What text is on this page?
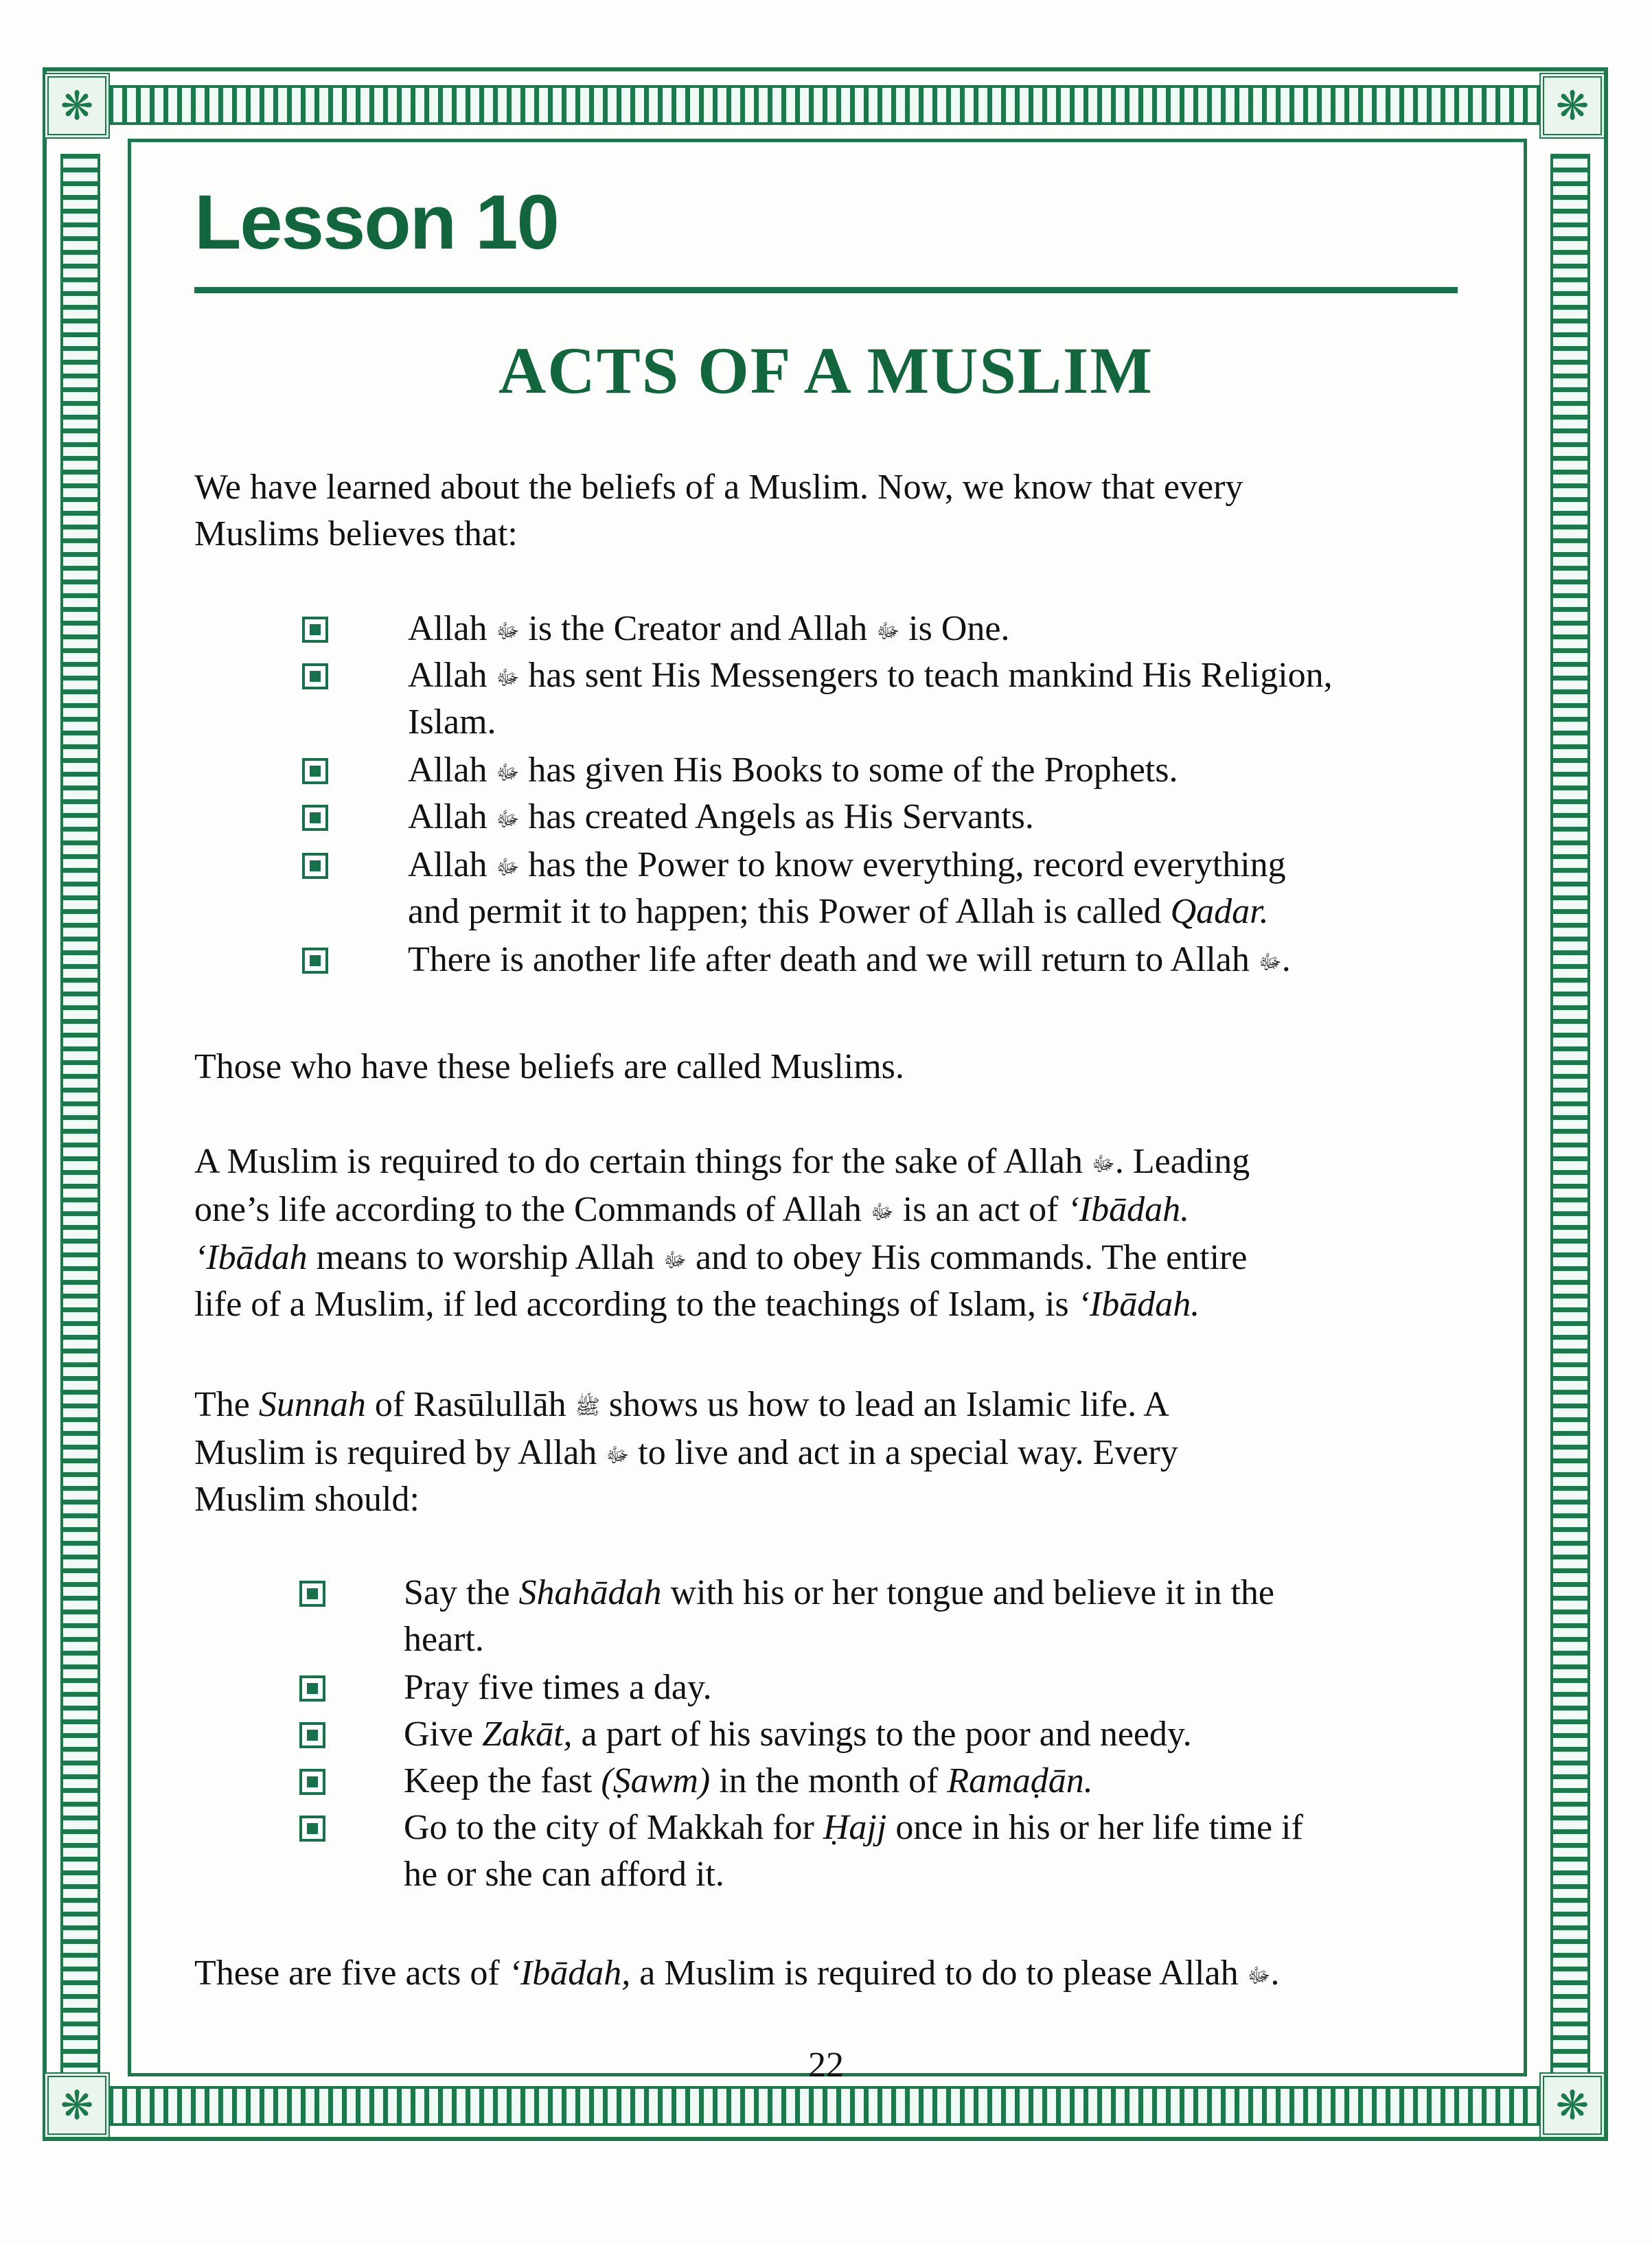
❋	❋
❋	❋
Lesson 10
ACTS OF A MUSLIM
We have learned about the beliefs of a Muslim. Now, we know that every
Muslims believes that:
Allah ﷻ is the Creator and Allah ﷻ is One.
Allah ﷻ has sent His Messengers to teach mankind His Religion,
Islam.
Allah ﷻ has given His Books to some of the Prophets.
Allah ﷻ has created Angels as His Servants.
Allah ﷻ has the Power to know everything, record everything
and permit it to happen; this Power of Allah is called Qadar.
There is another life after death and we will return to Allah ﷻ.
Those who have these beliefs are called Muslims.
A Muslim is required to do certain things for the sake of Allah ﷻ. Leading
one’s life according to the Commands of Allah ﷻ is an act of ‘Ibādah.
‘Ibādah means to worship Allah ﷻ and to obey His commands. The entire
life of a Muslim, if led according to the teachings of Islam, is ‘Ibādah.
The Sunnah of Rasūlullāh ﷺ shows us how to lead an Islamic life. A
Muslim is required by Allah ﷻ to live and act in a special way. Every
Muslim should:
Say the Shahādah with his or her tongue and believe it in the
heart.
Pray five times a day.
Give Zakāt, a part of his savings to the poor and needy.
Keep the fast (Ṣawm) in the month of Ramaḍān.
Go to the city of Makkah for Ḥajj once in his or her life time if
he or she can afford it.
These are five acts of ‘Ibādah, a Muslim is required to do to please Allah ﷻ.
22
